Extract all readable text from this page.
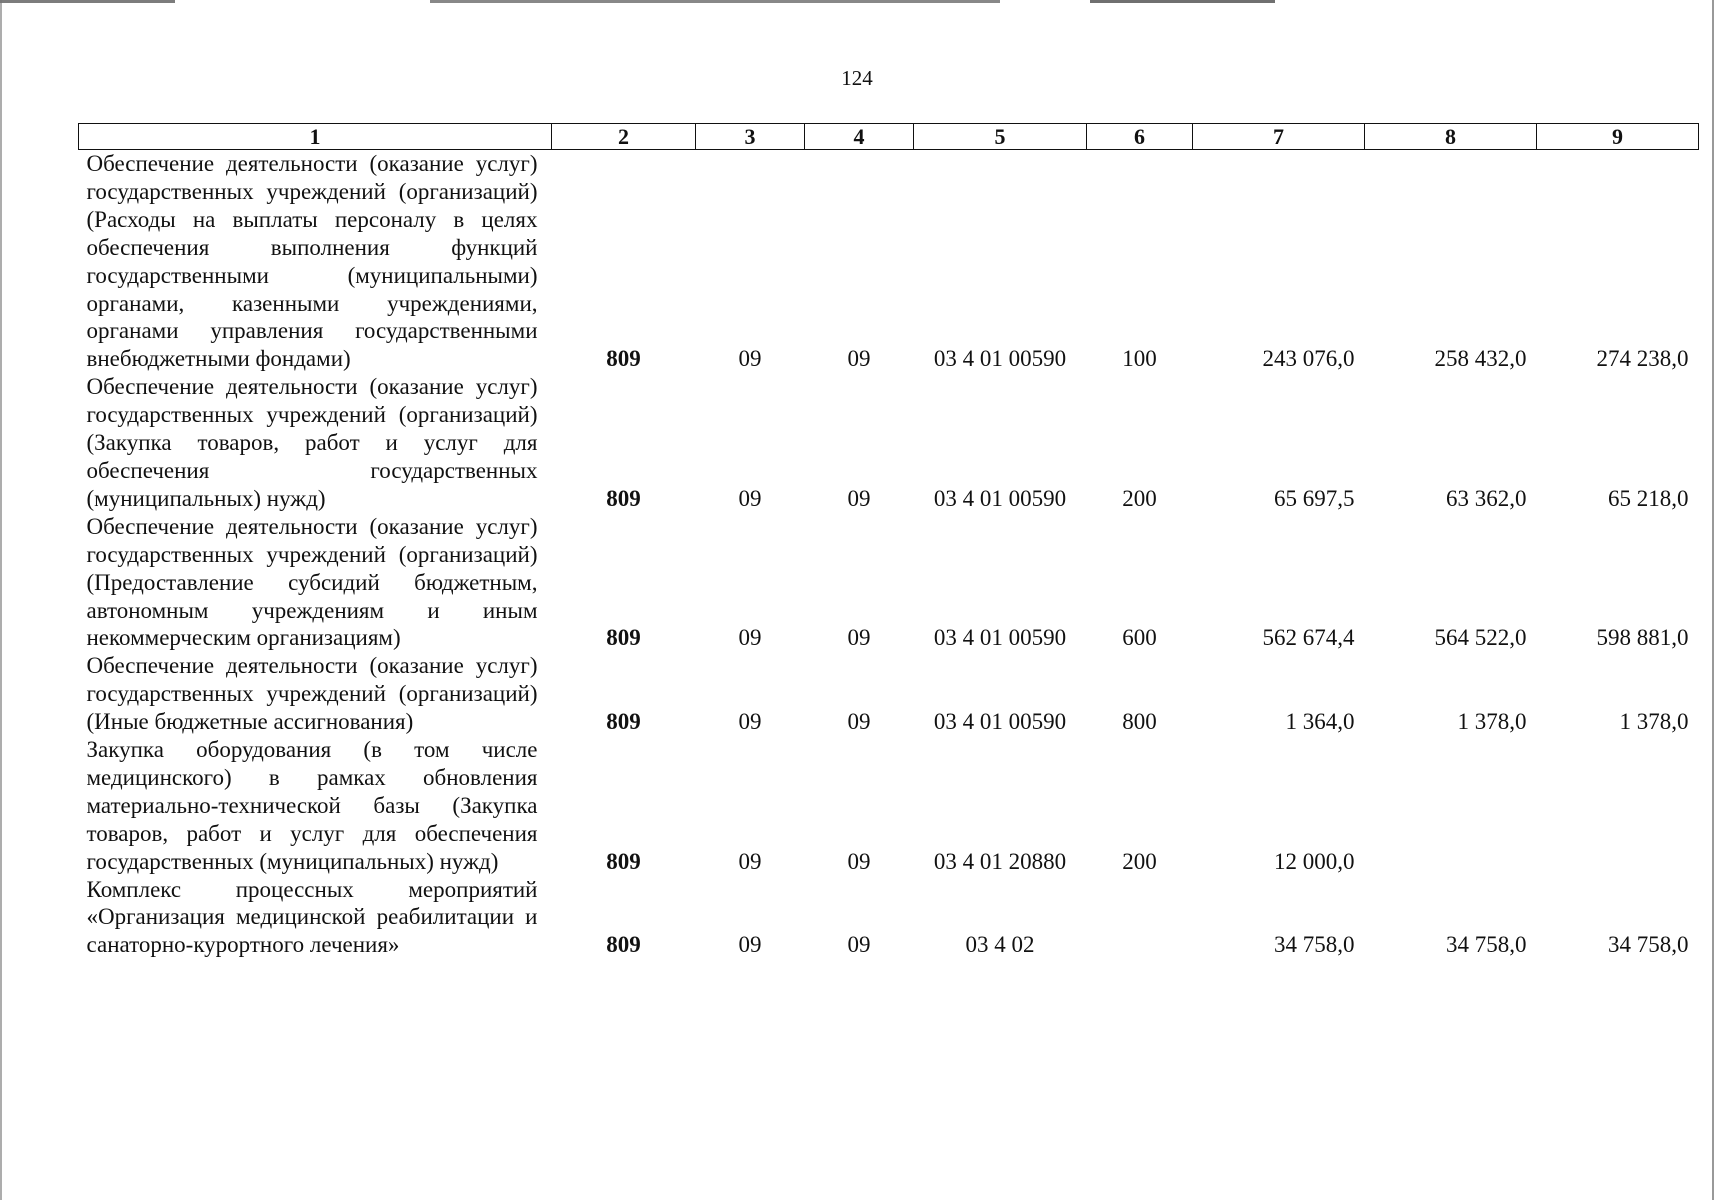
124
1	2	3	4	5	6	7	8	9
Обеспечение деятельности (оказание услуг) государственных учреждений (организаций) (Расходы на выплаты персоналу в целях обеспечения выполнения функций государственными (муниципальными) органами, казенными учреждениями, органами управления государственными внебюджетными фондами)	809	09	09	03 4 01 00590	100	243 076,0	258 432,0	274 238,0
Обеспечение деятельности (оказание услуг) государственных учреждений (организаций) (Закупка товаров, работ и услуг для обеспечения государственных (муниципальных) нужд)	809	09	09	03 4 01 00590	200	65 697,5	63 362,0	65 218,0
Обеспечение деятельности (оказание услуг) государственных учреждений (организаций) (Предоставление субсидий бюджетным, автономным учреждениям и иным некоммерческим организациям)	809	09	09	03 4 01 00590	600	562 674,4	564 522,0	598 881,0
Обеспечение деятельности (оказание услуг) государственных учреждений (организаций) (Иные бюджетные ассигнования)	809	09	09	03 4 01 00590	800	1 364,0	1 378,0	1 378,0
Закупка оборудования (в том числе медицинского) в рамках обновления материально-технической базы (Закупка товаров, работ и услуг для обеспечения государственных (муниципальных) нужд)	809	09	09	03 4 01 20880	200	12 000,0		
Комплекс процессных мероприятий «Организация медицинской реабилитации и санаторно-курортного лечения»	809	09	09	03 4 02		34 758,0	34 758,0	34 758,0
